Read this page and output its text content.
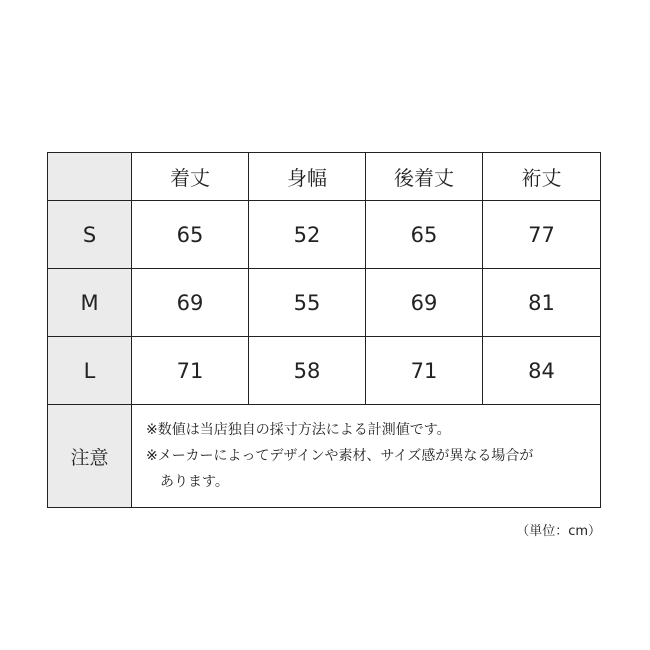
	着丈	身幅	後着丈	裄丈
S	65	52	65	77
M	69	55	69	81
L	71	58	71	84
注意	※数値は当店独自の採寸方法による計測値です。
※メーカーによってデザインや素材、サイズ感が異なる場合が
あります。			
（単位：cm）
